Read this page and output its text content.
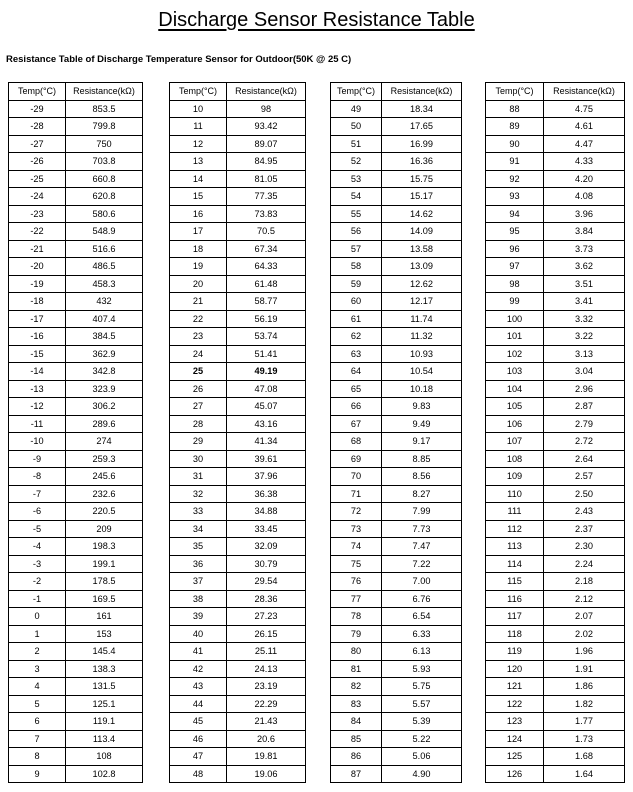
Discharge Sensor Resistance Table
Resistance Table of Discharge Temperature Sensor for Outdoor(50K @ 25 C)
Temp(°C)	Resistance(kΩ)
-29	853.5
-28	799.8
-27	750
-26	703.8
-25	660.8
-24	620.8
-23	580.6
-22	548.9
-21	516.6
-20	486.5
-19	458.3
-18	432
-17	407.4
-16	384.5
-15	362.9
-14	342.8
-13	323.9
-12	306.2
-11	289.6
-10	274
-9	259.3
-8	245.6
-7	232.6
-6	220.5
-5	209
-4	198.3
-3	199.1
-2	178.5
-1	169.5
0	161
1	153
2	145.4
3	138.3
4	131.5
5	125.1
6	119.1
7	113.4
8	108
9	102.8
Temp(°C)	Resistance(kΩ)
10	98
11	93.42
12	89.07
13	84.95
14	81.05
15	77.35
16	73.83
17	70.5
18	67.34
19	64.33
20	61.48
21	58.77
22	56.19
23	53.74
24	51.41
25	49.19
26	47.08
27	45.07
28	43.16
29	41.34
30	39.61
31	37.96
32	36.38
33	34.88
34	33.45
35	32.09
36	30.79
37	29.54
38	28.36
39	27.23
40	26.15
41	25.11
42	24.13
43	23.19
44	22.29
45	21.43
46	20.6
47	19.81
48	19.06
Temp(°C)	Resistance(kΩ)
49	18.34
50	17.65
51	16.99
52	16.36
53	15.75
54	15.17
55	14.62
56	14.09
57	13.58
58	13.09
59	12.62
60	12.17
61	11.74
62	11.32
63	10.93
64	10.54
65	10.18
66	9.83
67	9.49
68	9.17
69	8.85
70	8.56
71	8.27
72	7.99
73	7.73
74	7.47
75	7.22
76	7.00
77	6.76
78	6.54
79	6.33
80	6.13
81	5.93
82	5.75
83	5.57
84	5.39
85	5.22
86	5.06
87	4.90
Temp(°C)	Resistance(kΩ)
88	4.75
89	4.61
90	4.47
91	4.33
92	4.20
93	4.08
94	3.96
95	3.84
96	3.73
97	3.62
98	3.51
99	3.41
100	3.32
101	3.22
102	3.13
103	3.04
104	2.96
105	2.87
106	2.79
107	2.72
108	2.64
109	2.57
110	2.50
111	2.43
112	2.37
113	2.30
114	2.24
115	2.18
116	2.12
117	2.07
118	2.02
119	1.96
120	1.91
121	1.86
122	1.82
123	1.77
124	1.73
125	1.68
126	1.64
